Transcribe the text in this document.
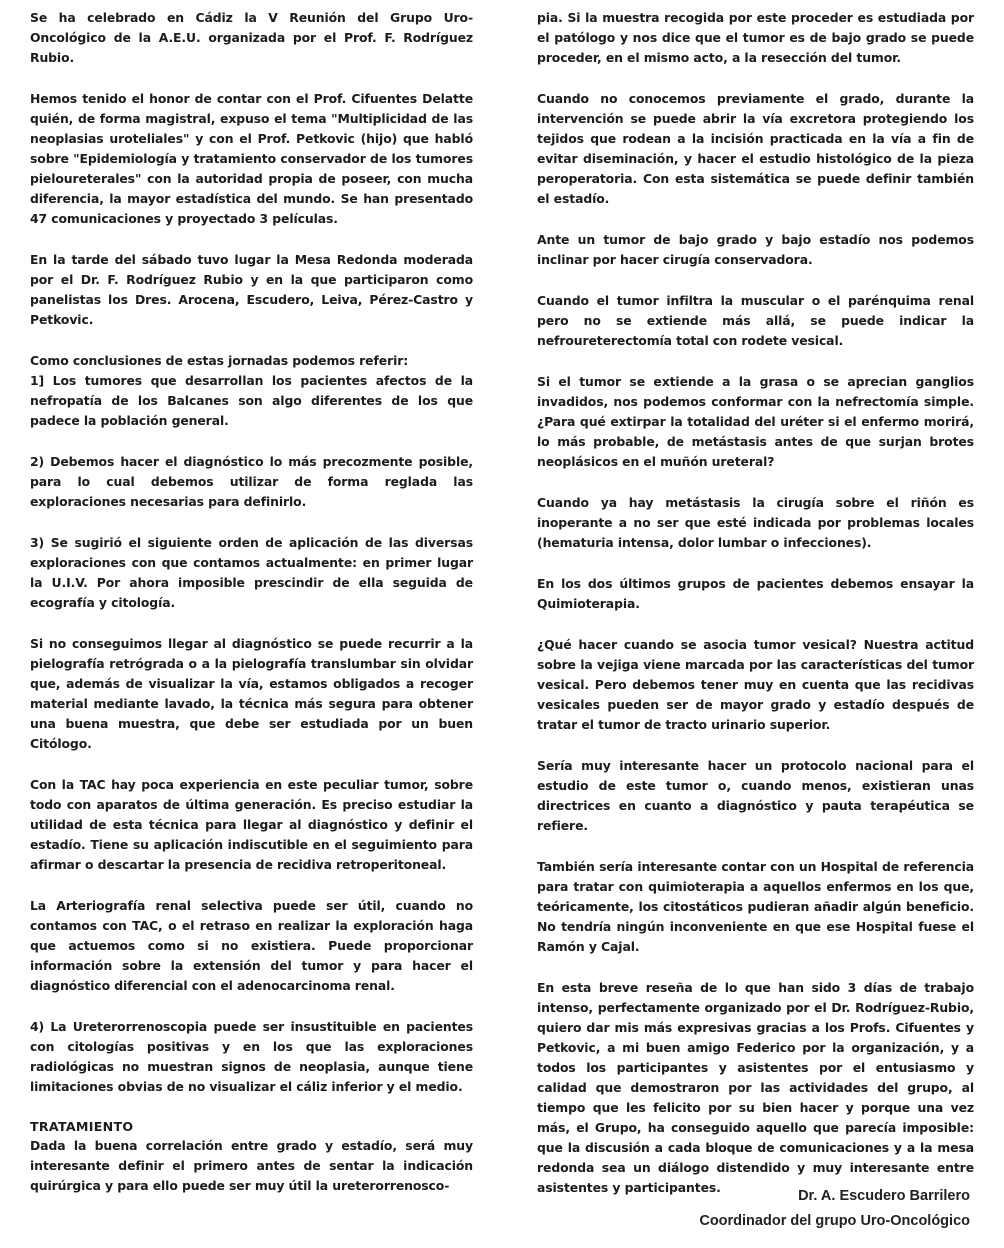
Se ha celebrado en Cádiz la V Reunión del Grupo Uro-Oncológico de la A.E.U. organizada por el Prof. F. Rodríguez Rubio.

Hemos tenido el honor de contar con el Prof. Cifuentes Delatte quién, de forma magistral, expuso el tema "Multiplicidad de las neoplasias uroteliales" y con el Prof. Petkovic (hijo) que habló sobre "Epidemiología y tratamiento conservador de los tumores pieloureterales" con la autoridad propia de poseer, con mucha diferencia, la mayor estadística del mundo. Se han presentado 47 comunicaciones y proyectado 3 películas.

En la tarde del sábado tuvo lugar la Mesa Redonda moderada por el Dr. F. Rodríguez Rubio y en la que participaron como panelistas los Dres. Arocena, Escudero, Leiva, Pérez-Castro y Petkovic.

Como conclusiones de estas jornadas podemos referir:

1] Los tumores que desarrollan los pacientes afectos de la nefropatía de los Balcanes son algo diferentes de los que padece la población general.

2) Debemos hacer el diagnóstico lo más precozmente posible, para lo cual debemos utilizar de forma reglada las exploraciones necesarias para definirlo.

3) Se sugirió el siguiente orden de aplicación de las diversas exploraciones con que contamos actualmente: en primer lugar la U.I.V. Por ahora imposible prescindir de ella seguida de ecografía y citología.

Si no conseguimos llegar al diagnóstico se puede recurrir a la pielografía retrógrada o a la pielografía translumbar sin olvidar que, además de visualizar la vía, estamos obligados a recoger material mediante lavado, la técnica más segura para obtener una buena muestra, que debe ser estudiada por un buen Citólogo.

Con la TAC hay poca experiencia en este peculiar tumor, sobre todo con aparatos de última generación. Es preciso estudiar la utilidad de esta técnica para llegar al diagnóstico y definir el estadío. Tiene su aplicación indiscutible en el seguimiento para afirmar o descartar la presencia de recidiva retroperitoneal.

La Arteriografía renal selectiva puede ser útil, cuando no contamos con TAC, o el retraso en realizar la exploración haga que actuemos como si no existiera. Puede proporcionar información sobre la extensión del tumor y para hacer el diagnóstico diferencial con el adenocarcinoma renal.

4) La Ureterorrenoscopia puede ser insustituible en pacientes con citologías positivas y en los que las exploraciones radiológicas no muestran signos de neoplasia, aunque tiene limitaciones obvias de no visualizar el cáliz inferior y el medio.

TRATAMIENTO

Dada la buena correlación entre grado y estadío, será muy interesante definir el primero antes de sentar la indicación quirúrgica y para ello puede ser muy útil la ureterorrenosco-

pia. Si la muestra recogida por este proceder es estudiada por el patólogo y nos dice que el tumor es de bajo grado se puede proceder, en el mismo acto, a la resección del tumor.

Cuando no conocemos previamente el grado, durante la intervención se puede abrir la vía excretora protegiendo los tejidos que rodean a la incisión practicada en la vía a fin de evitar diseminación, y hacer el estudio histológico de la pieza peroperatoria. Con esta sistemática se puede definir también el estadío.

Ante un tumor de bajo grado y bajo estadío nos podemos inclinar por hacer cirugía conservadora.

Cuando el tumor infiltra la muscular o el parénquima renal pero no se extiende más allá, se puede indicar la nefroureterectomía total con rodete vesical.

Si el tumor se extiende a la grasa o se aprecian ganglios invadidos, nos podemos conformar con la nefrectomía simple. ¿Para qué extirpar la totalidad del uréter si el enfermo morirá, lo más probable, de metástasis antes de que surjan brotes neoplásicos en el muñón ureteral?

Cuando ya hay metástasis la cirugía sobre el riñón es inoperante a no ser que esté indicada por problemas locales (hematuria intensa, dolor lumbar o infecciones).

En los dos últimos grupos de pacientes debemos ensayar la Quimioterapia.

¿Qué hacer cuando se asocia tumor vesical? Nuestra actitud sobre la vejiga viene marcada por las características del tumor vesical. Pero debemos tener muy en cuenta que las recidivas vesicales pueden ser de mayor grado y estadío después de tratar el tumor de tracto urinario superior.

Sería muy interesante hacer un protocolo nacional para el estudio de este tumor o, cuando menos, existieran unas directrices en cuanto a diagnóstico y pauta terapéutica se refiere.

También sería interesante contar con un Hospital de referencia para tratar con quimioterapia a aquellos enfermos en los que, teóricamente, los citostáticos pudieran añadir algún beneficio. No tendría ningún inconveniente en que ese Hospital fuese el Ramón y Cajal.

En esta breve reseña de lo que han sido 3 días de trabajo intenso, perfectamente organizado por el Dr. Rodríguez-Rubio, quiero dar mis más expresivas gracias a los Profs. Cifuentes y Petkovic, a mi buen amigo Federico por la organización, y a todos los participantes y asistentes por el entusiasmo y calidad que demostraron por las actividades del grupo, al tiempo que les felicito por su bien hacer y porque una vez más, el Grupo, ha conseguido aquello que parecía imposible: que la discusión a cada bloque de comunicaciones y a la mesa redonda sea un diálogo distendido y muy interesante entre asistentes y participantes.

Dr. A. Escudero Barrilero
Coordinador del grupo Uro-Oncológico
